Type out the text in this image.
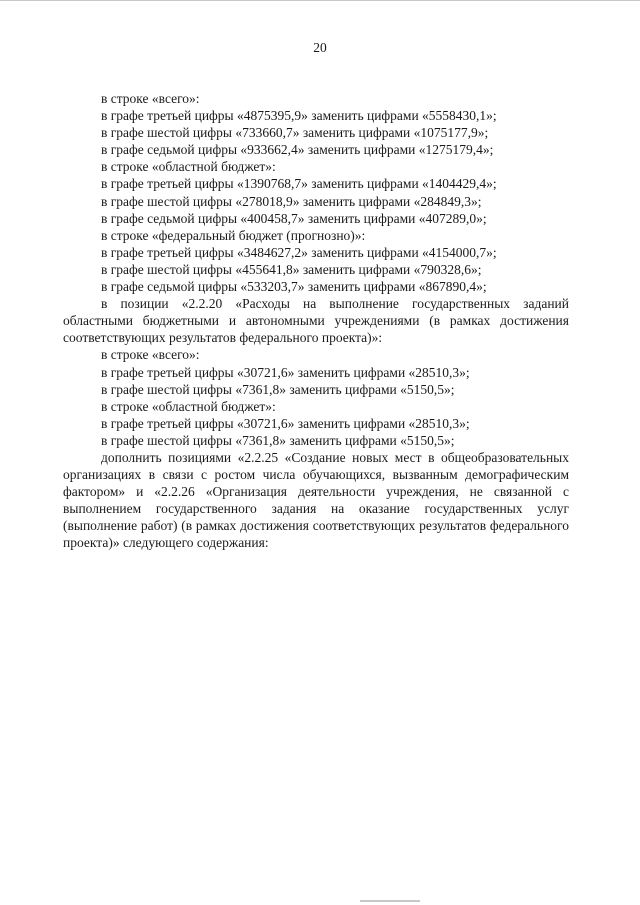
20
в строке «всего»:
в графе третьей цифры «4875395,9» заменить цифрами «5558430,1»;
в графе шестой цифры «733660,7» заменить цифрами «1075177,9»;
в графе седьмой цифры «933662,4» заменить цифрами «1275179,4»;
в строке «областной бюджет»:
в графе третьей цифры «1390768,7» заменить цифрами «1404429,4»;
в графе шестой цифры «278018,9» заменить цифрами «284849,3»;
в графе седьмой цифры «400458,7» заменить цифрами «407289,0»;
в строке «федеральный бюджет (прогнозно)»:
в графе третьей цифры «3484627,2» заменить цифрами «4154000,7»;
в графе шестой цифры «455641,8» заменить цифрами «790328,6»;
в графе седьмой цифры «533203,7» заменить цифрами «867890,4»;
в позиции «2.2.20 «Расходы на выполнение государственных заданий областными бюджетными и автономными учреждениями (в рамках достижения соответствующих результатов федерального проекта)»:
в строке «всего»:
в графе третьей цифры «30721,6» заменить цифрами «28510,3»;
в графе шестой цифры «7361,8» заменить цифрами «5150,5»;
в строке «областной бюджет»:
в графе третьей цифры «30721,6» заменить цифрами «28510,3»;
в графе шестой цифры «7361,8» заменить цифрами «5150,5»;
дополнить позициями «2.2.25 «Создание новых мест в общеобразовательных организациях в связи с ростом числа обучающихся, вызванным демографическим фактором» и «2.2.26 «Организация деятельности учреждения, не связанной с выполнением государственного задания на оказание государственных услуг (выполнение работ) (в рамках достижения соответствующих результатов федерального проекта)» следующего содержания:
